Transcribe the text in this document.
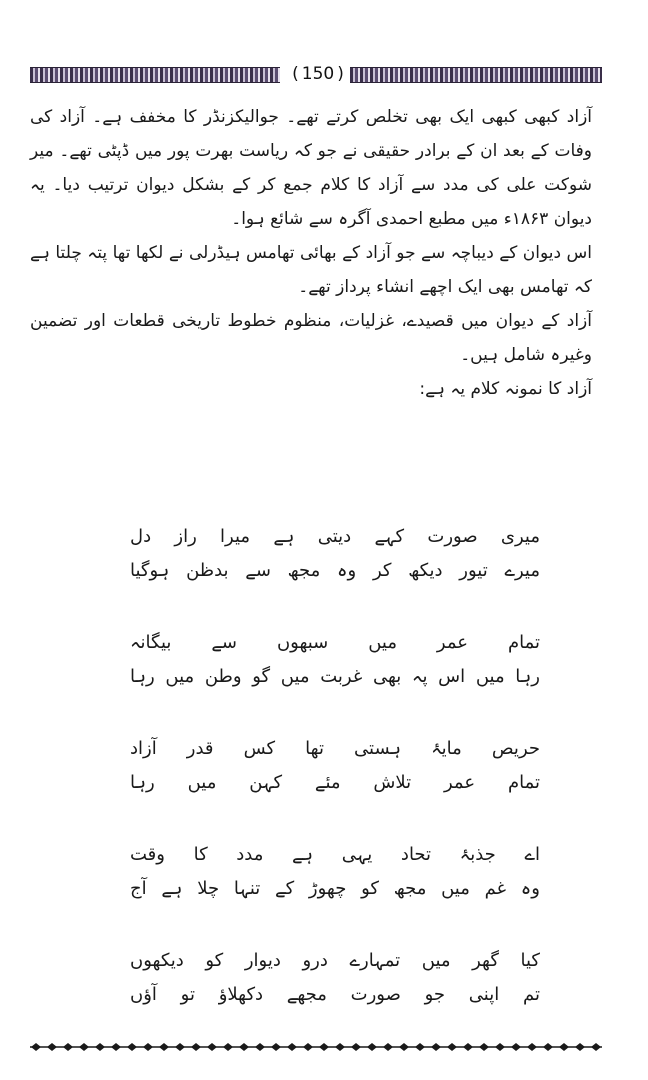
( 150 )

آزاد کبھی کبھی ایک بھی تخلص کرتے تھے۔ جوالیکزنڈر کا مخفف ہے۔ آزاد کی وفات کے بعد ان کے برادر حقیقی نے جو کہ ریاست بھرت پور میں ڈپٹی تھے۔ میر شوکت علی کی مدد سے آزاد کا کلام جمع کر کے بشکل دیوان ترتیب دیا۔ یہ دیوان ۱۸۶۳ء میں مطبع احمدی آگرہ سے شائع ہوا۔

اس دیوان کے دیباچہ سے جو آزاد کے بھائی تھامس ہیڈرلی نے لکھا تھا پتہ چلتا ہے کہ تھامس بھی ایک اچھے انشاء پرداز تھے۔

آزاد کے دیوان میں قصیدے، غزلیات، منظوم خطوط تاریخی قطعات اور تضمین وغیرہ شامل ہیں۔

آزاد کا نمونہ کلام یہ ہے:

میری صورت کہے دیتی ہے میرا راز دل
میرے تیور دیکھ کر وہ مجھ سے بدظن ہوگیا
تمام عمر میں سبھوں سے بیگانہ
رہا میں اس پہ بھی غربت میں گو وطن میں رہا
حریص مایۂ ہستی تھا کس قدر آزاد
تمام عمر تلاش مئے کہن میں رہا
اے جذبۂ تحاد یہی ہے مدد کا وقت
وہ غم میں مجھ کو چھوڑ کے تنہا چلا ہے آج
کیا گھر میں تمہارے درو دیوار کو دیکھوں
تم اپنی جو صورت مجھے دکھلاؤ تو آؤں
